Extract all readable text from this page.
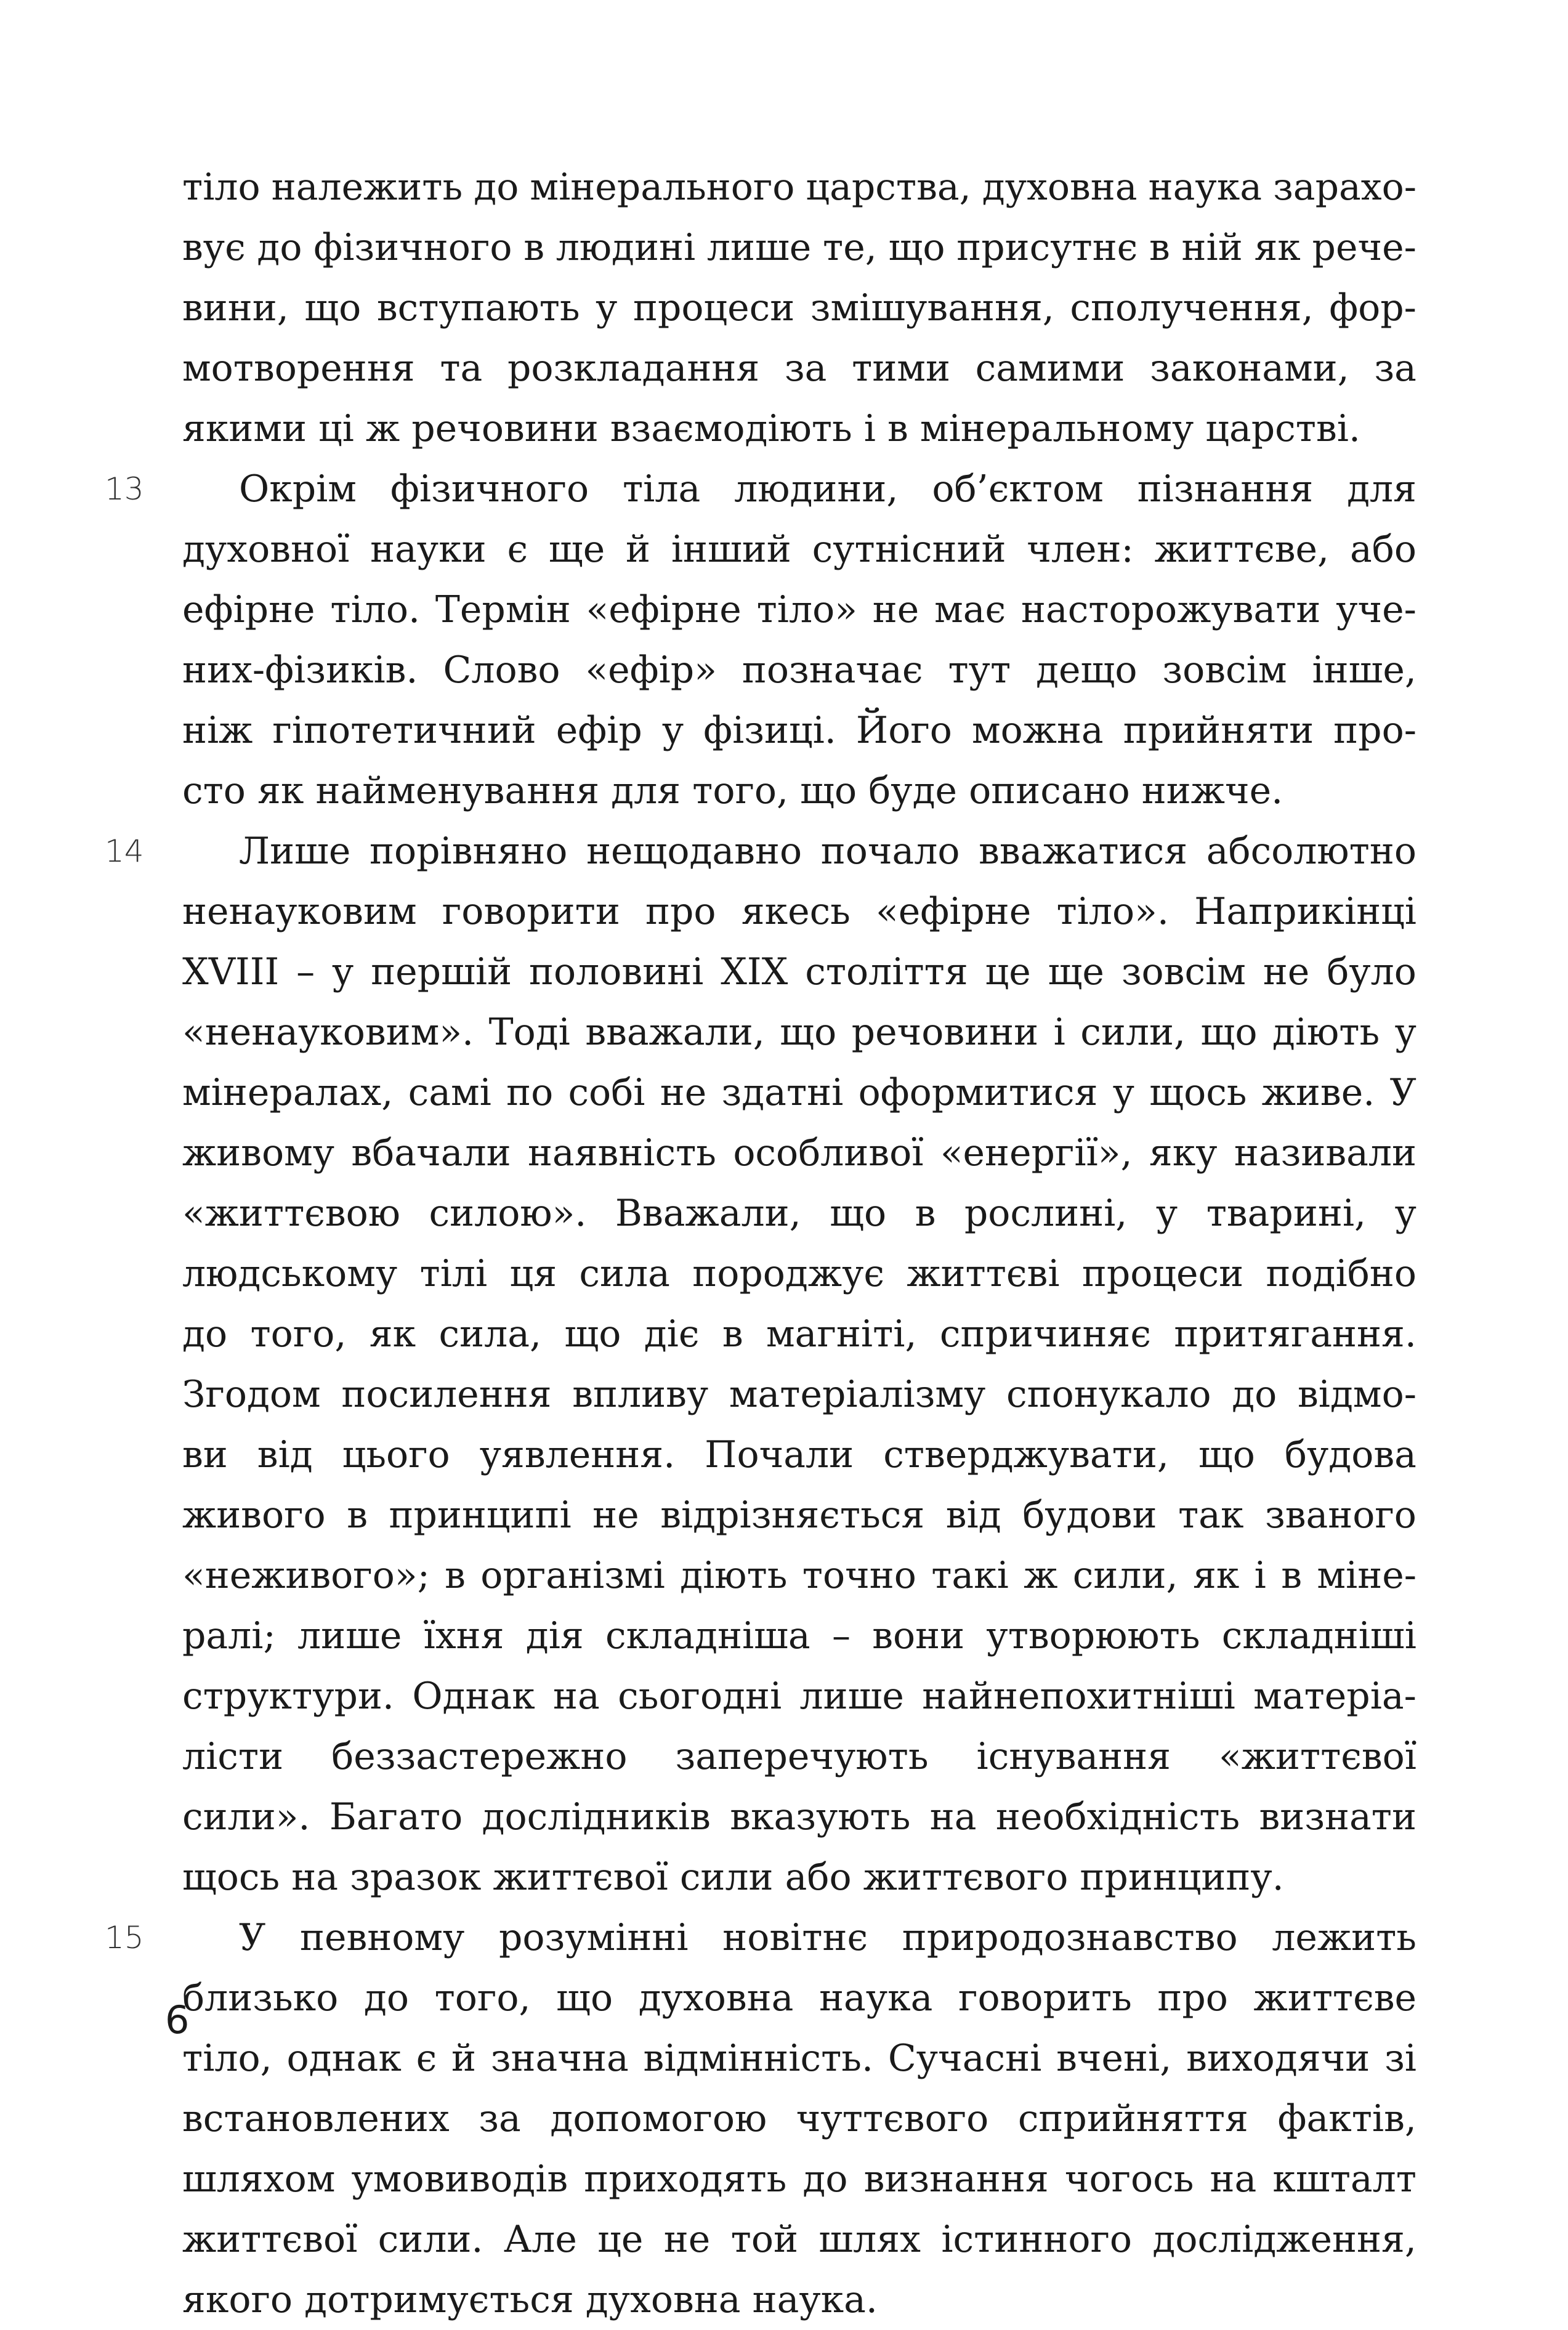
тіло належить до мінерального царства, духовна наука зарахо-
вує до фізичного в людині лише те, що присутнє в ній як рече-
вини, що вступають у процеси змішування, сполучення, фор-
мотворення та розкладання за тими самими законами, за
якими
ці
ж
речовини
взаємодіють
і
в
мінеральному
царстві.
Окрім фізичного тіла людини, об’єктом пізнання для
духовної науки є ще й інший сутнісний член: життєве, або
ефірне тіло. Термін «ефірне тіло» не має насторожувати уче-
них-фізиків. Слово «ефір» позначає тут дещо зовсім інше,
ніж гіпотетичний ефір у фізиці. Його можна прийняти про-
сто
як
найменування
для
того,
що
буде
описано
нижче.
Лише порівняно нещодавно почало вважатися абсолютно
ненауковим говорити про якесь «ефірне тіло». Наприкінці
XVIII – у першій половині XIX століття це ще зовсім не було
«ненауковим». Тоді вважали, що речовини і сили, що діють у
мінералах, самі по собі не здатні оформитися у щось живе. У
живому вбачали наявність особливої «енергії», яку називали
«життєвою силою». Вважали, що в рослині, у тварині, у
людському тілі ця сила породжує життєві процеси подібно
до того, як сила, що діє в магніті, спричиняє притягання.
Згодом посилення впливу матеріалізму спонукало до відмо-
ви від цього уявлення. Почали стверджувати, що будова
живого в принципі не відрізняється від будови так званого
«неживого»; в організмі діють точно такі ж сили, як і в міне-
ралі; лише їхня дія складніша – вони утворюють складніші
структури. Однак на сьогодні лише найнепохитніші матеріа-
лісти беззастережно заперечують існування «життєвої
сили». Багато дослідників вказують на необхідність визнати
щось
на
зразок
життєвої
сили
або
життєвого
принципу.
У певному розумінні новітнє природознавство лежить
близько до того, що духовна наука говорить про життєве
тіло, однак є й значна відмінність. Сучасні вчені, виходячи зі
встановлених за допомогою чуттєвого сприйняття фактів,
шляхом умовиводів приходять до визнання чогось на кшталт
життєвої сили. Але це не той шлях істинного дослідження,
якого
дотримується
духовна
наука.
6
13
14
15
